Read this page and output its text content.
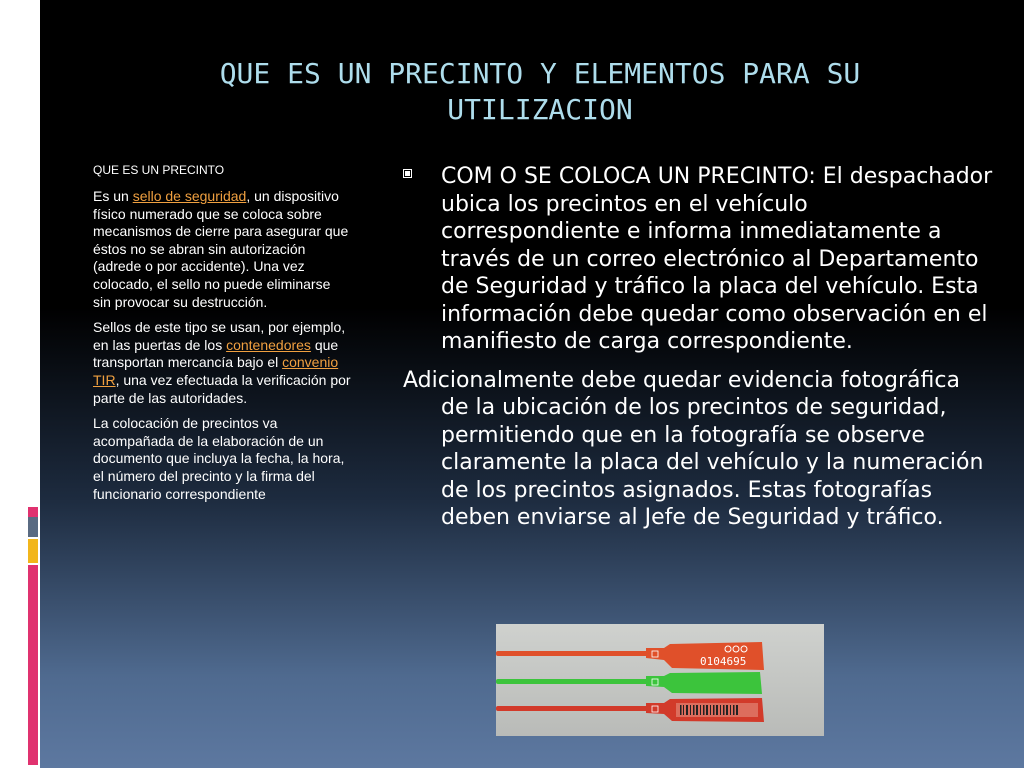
QUE ES UN PRECINTO Y ELEMENTOS PARA SU UTILIZACION
QUE ES UN PRECINTO

Es un sello de seguridad, un dispositivo físico numerado que se coloca sobre mecanismos de cierre para asegurar que éstos no se abran sin autorización (adrede o por accidente). Una vez colocado, el sello no puede eliminarse sin provocar su destrucción.

Sellos de este tipo se usan, por ejemplo, en las puertas de los contenedores que transportan mercancía bajo el convenio TIR, una vez efectuada la verificación por parte de las autoridades.

La colocación de precintos va acompañada de la elaboración de un documento que incluya la fecha, la hora, el número del precinto y la firma del funcionario correspondiente

COM O SE COLOCA UN PRECINTO: El despachador ubica los precintos en el vehículo correspondiente e informa inmediatamente a través de un correo electrónico al Departamento de Seguridad y tráfico la placa del vehículo. Esta información debe quedar como observación en el manifiesto de carga correspondiente.
Adicionalmente debe quedar evidencia fotográfica de la ubicación de los precintos de seguridad, permitiendo que en la fotografía se observe claramente la placa del vehículo y la numeración de los precintos asignados. Estas fotografías deben enviarse al Jefe de Seguridad y tráfico.
0104695
